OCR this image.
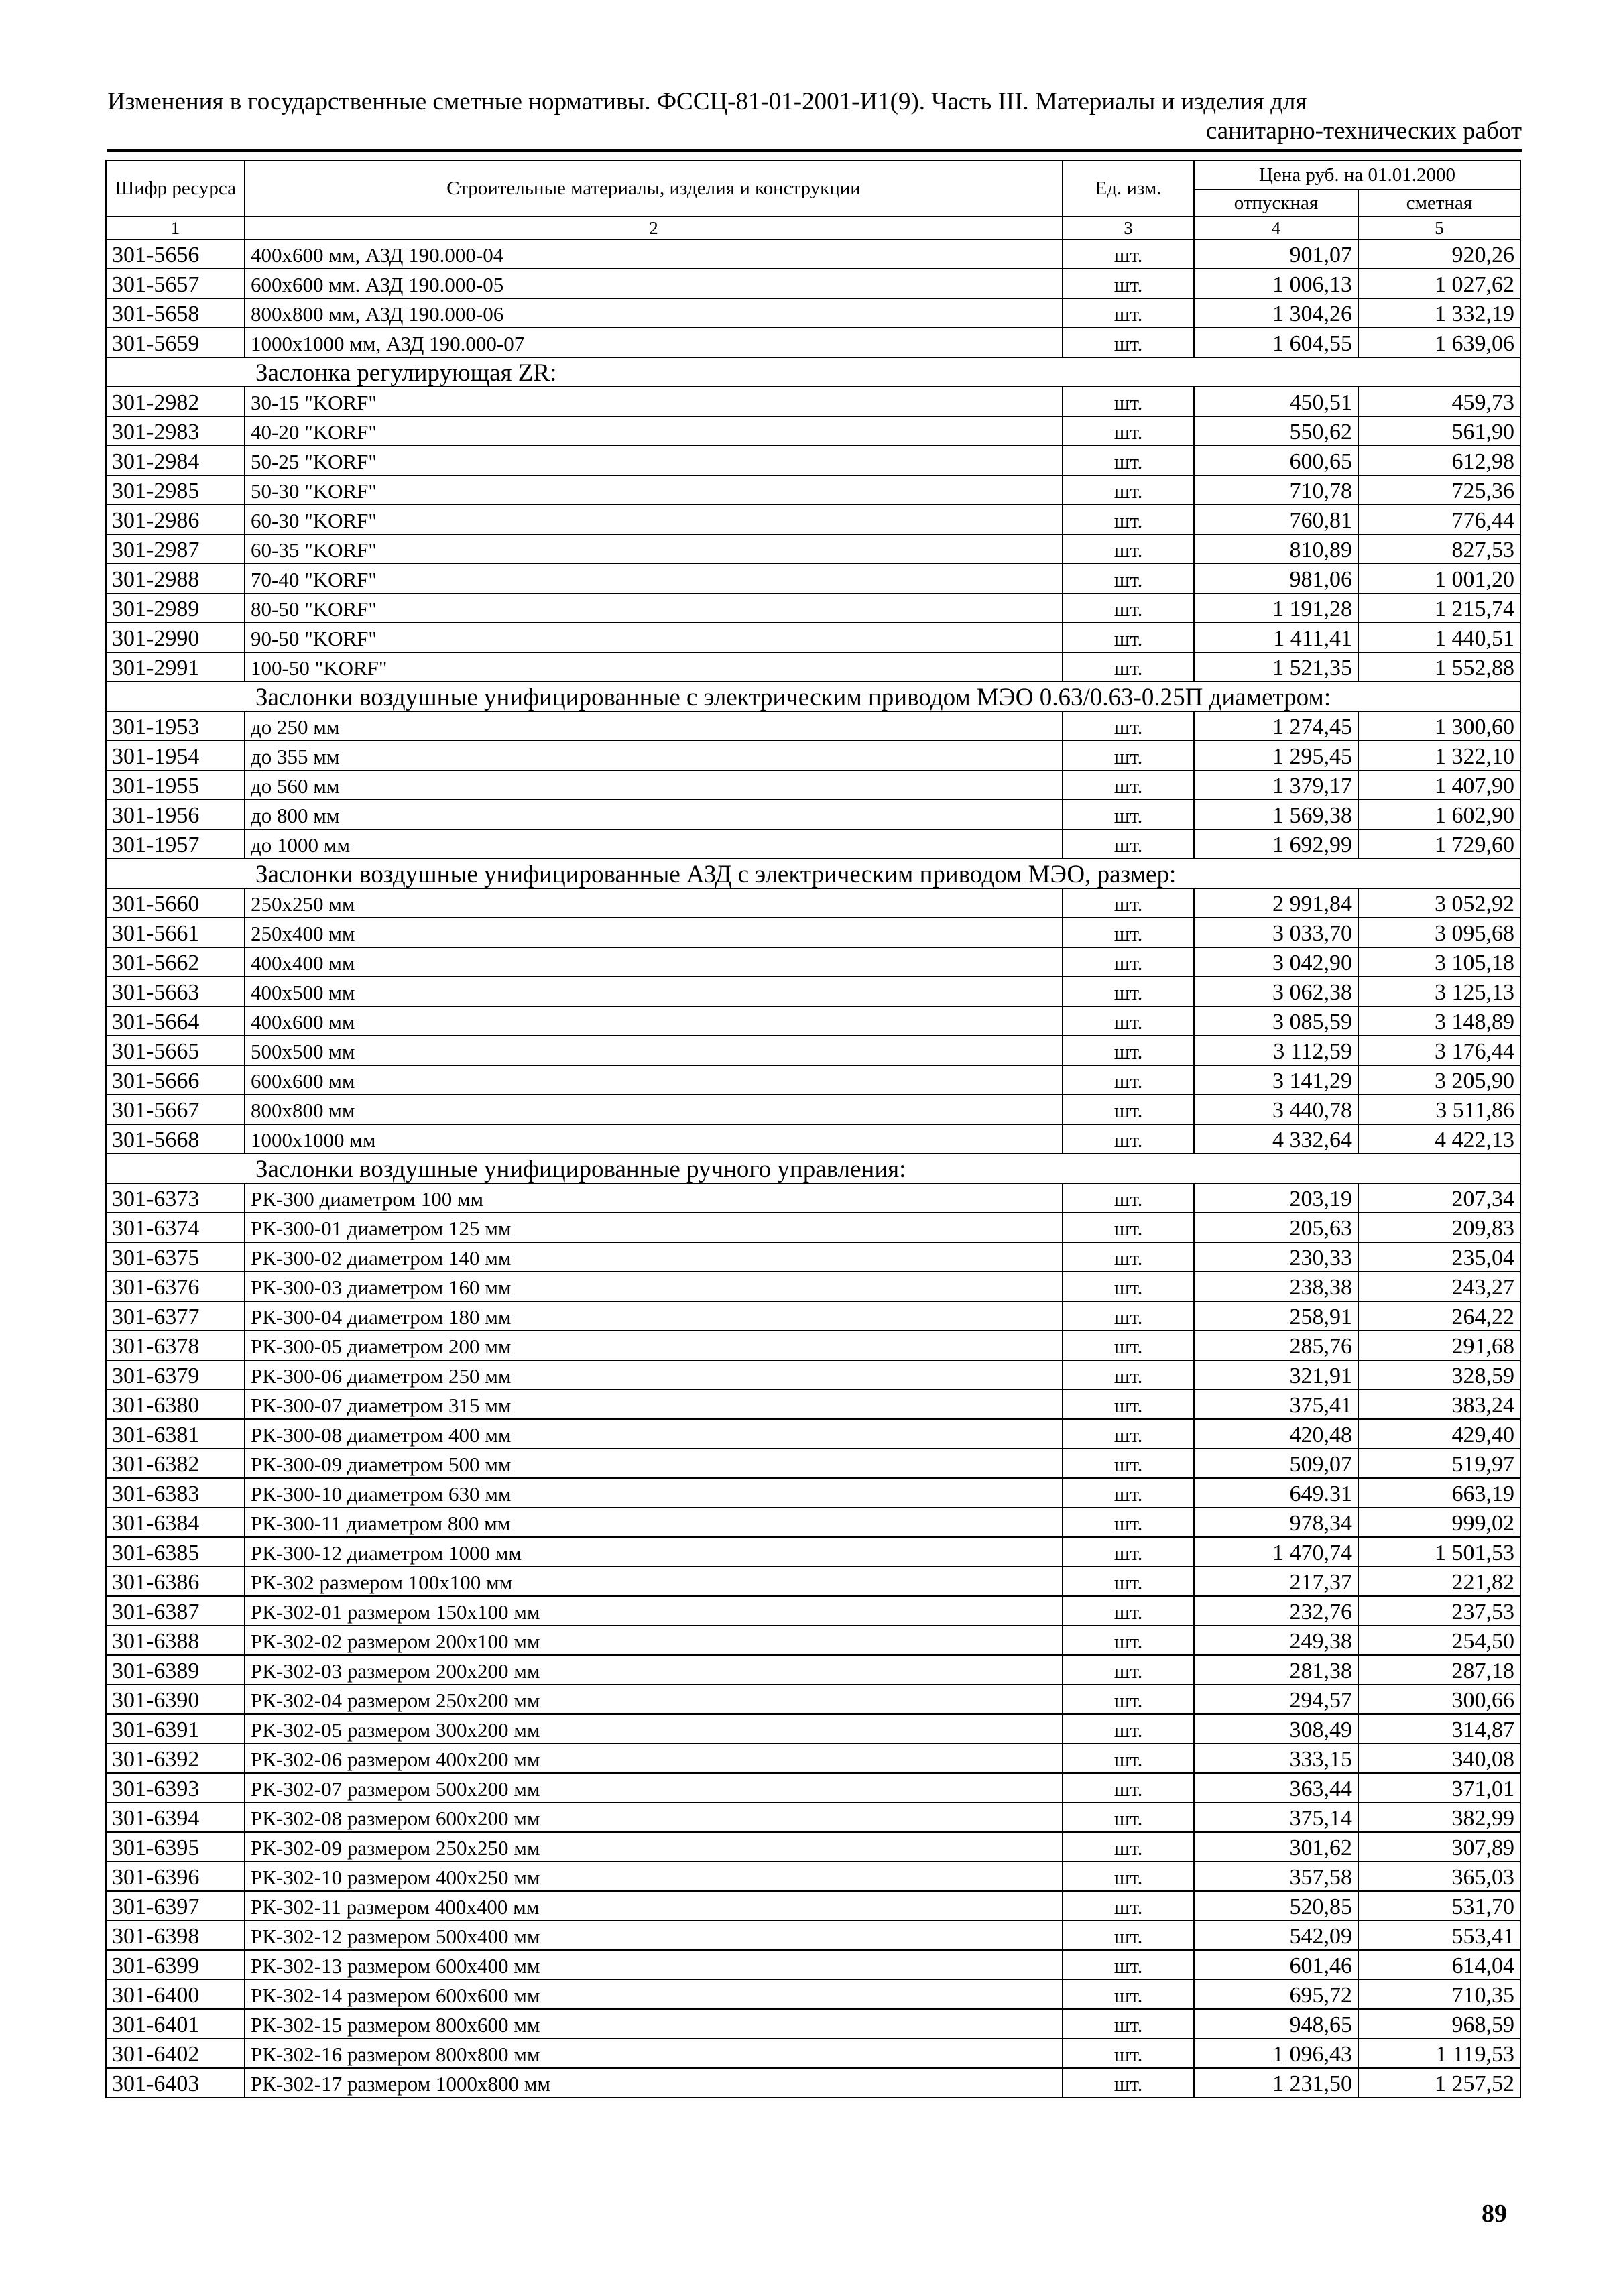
Изменения в государственные сметные нормативы. ФССЦ-81-01-2001-И1(9). Часть III. Материалы и изделия для
санитарно-технических работ
Шифр ресурса	Строительные материалы, изделия и конструкции	Ед. изм.	Цена руб. на 01.01.2000	
			отпускная	сметная
1	2	3	4	5
301-5656	400х600 мм, АЗД 190.000-04	шт.	901,07	920,26
301-5657	600х600 мм. АЗД 190.000-05	шт.	1 006,13	1 027,62
301-5658	800х800 мм, АЗД 190.000-06	шт.	1 304,26	1 332,19
301-5659	1000х1000 мм, АЗД 190.000-07	шт.	1 604,55	1 639,06
Заслонка регулирующая ZR:				
301-2982	30-15 "KORF"	шт.	450,51	459,73
301-2983	40-20 "KORF"	шт.	550,62	561,90
301-2984	50-25 "KORF"	шт.	600,65	612,98
301-2985	50-30 "KORF"	шт.	710,78	725,36
301-2986	60-30 "KORF"	шт.	760,81	776,44
301-2987	60-35 "KORF"	шт.	810,89	827,53
301-2988	70-40 "KORF"	шт.	981,06	1 001,20
301-2989	80-50 "KORF"	шт.	1 191,28	1 215,74
301-2990	90-50 "KORF"	шт.	1 411,41	1 440,51
301-2991	100-50 "KORF"	шт.	1 521,35	1 552,88
Заслонки воздушные унифицированные с электрическим приводом МЭО 0.63/0.63-0.25П диаметром:				
301-1953	до 250 мм	шт.	1 274,45	1 300,60
301-1954	до 355 мм	шт.	1 295,45	1 322,10
301-1955	до 560 мм	шт.	1 379,17	1 407,90
301-1956	до 800 мм	шт.	1 569,38	1 602,90
301-1957	до 1000 мм	шт.	1 692,99	1 729,60
Заслонки воздушные унифицированные АЗД с электрическим приводом МЭО, размер:				
301-5660	250х250 мм	шт.	2 991,84	3 052,92
301-5661	250х400 мм	шт.	3 033,70	3 095,68
301-5662	400х400 мм	шт.	3 042,90	3 105,18
301-5663	400х500 мм	шт.	3 062,38	3 125,13
301-5664	400х600 мм	шт.	3 085,59	3 148,89
301-5665	500х500 мм	шт.	3 112,59	3 176,44
301-5666	600х600 мм	шт.	3 141,29	3 205,90
301-5667	800х800 мм	шт.	3 440,78	3 511,86
301-5668	1000х1000 мм	шт.	4 332,64	4 422,13
Заслонки воздушные унифицированные ручного управления:				
301-6373	РК-300 диаметром 100 мм	шт.	203,19	207,34
301-6374	РК-300-01 диаметром 125 мм	шт.	205,63	209,83
301-6375	РК-300-02 диаметром 140 мм	шт.	230,33	235,04
301-6376	РК-300-03 диаметром 160 мм	шт.	238,38	243,27
301-6377	РК-300-04 диаметром 180 мм	шт.	258,91	264,22
301-6378	РК-300-05 диаметром 200 мм	шт.	285,76	291,68
301-6379	РК-300-06 диаметром 250 мм	шт.	321,91	328,59
301-6380	РК-300-07 диаметром 315 мм	шт.	375,41	383,24
301-6381	РК-300-08 диаметром 400 мм	шт.	420,48	429,40
301-6382	РК-300-09 диаметром 500 мм	шт.	509,07	519,97
301-6383	РК-300-10 диаметром 630 мм	шт.	649.31	663,19
301-6384	РК-300-11 диаметром 800 мм	шт.	978,34	999,02
301-6385	РК-300-12 диаметром 1000 мм	шт.	1 470,74	1 501,53
301-6386	РК-302 размером 100х100 мм	шт.	217,37	221,82
301-6387	РК-302-01 размером 150х100 мм	шт.	232,76	237,53
301-6388	РК-302-02 размером 200х100 мм	шт.	249,38	254,50
301-6389	РК-302-03 размером 200х200 мм	шт.	281,38	287,18
301-6390	РК-302-04 размером 250х200 мм	шт.	294,57	300,66
301-6391	РК-302-05 размером 300х200 мм	шт.	308,49	314,87
301-6392	РК-302-06 размером 400х200 мм	шт.	333,15	340,08
301-6393	РК-302-07 размером 500х200 мм	шт.	363,44	371,01
301-6394	РК-302-08 размером 600х200 мм	шт.	375,14	382,99
301-6395	РК-302-09 размером 250х250 мм	шт.	301,62	307,89
301-6396	РК-302-10 размером 400х250 мм	шт.	357,58	365,03
301-6397	РК-302-11 размером 400х400 мм	шт.	520,85	531,70
301-6398	РК-302-12 размером 500х400 мм	шт.	542,09	553,41
301-6399	РК-302-13 размером 600х400 мм	шт.	601,46	614,04
301-6400	РК-302-14 размером 600х600 мм	шт.	695,72	710,35
301-6401	РК-302-15 размером 800х600 мм	шт.	948,65	968,59
301-6402	РК-302-16 размером 800х800 мм	шт.	1 096,43	1 119,53
301-6403	РК-302-17 размером 1000х800 мм	шт.	1 231,50	1 257,52
89
